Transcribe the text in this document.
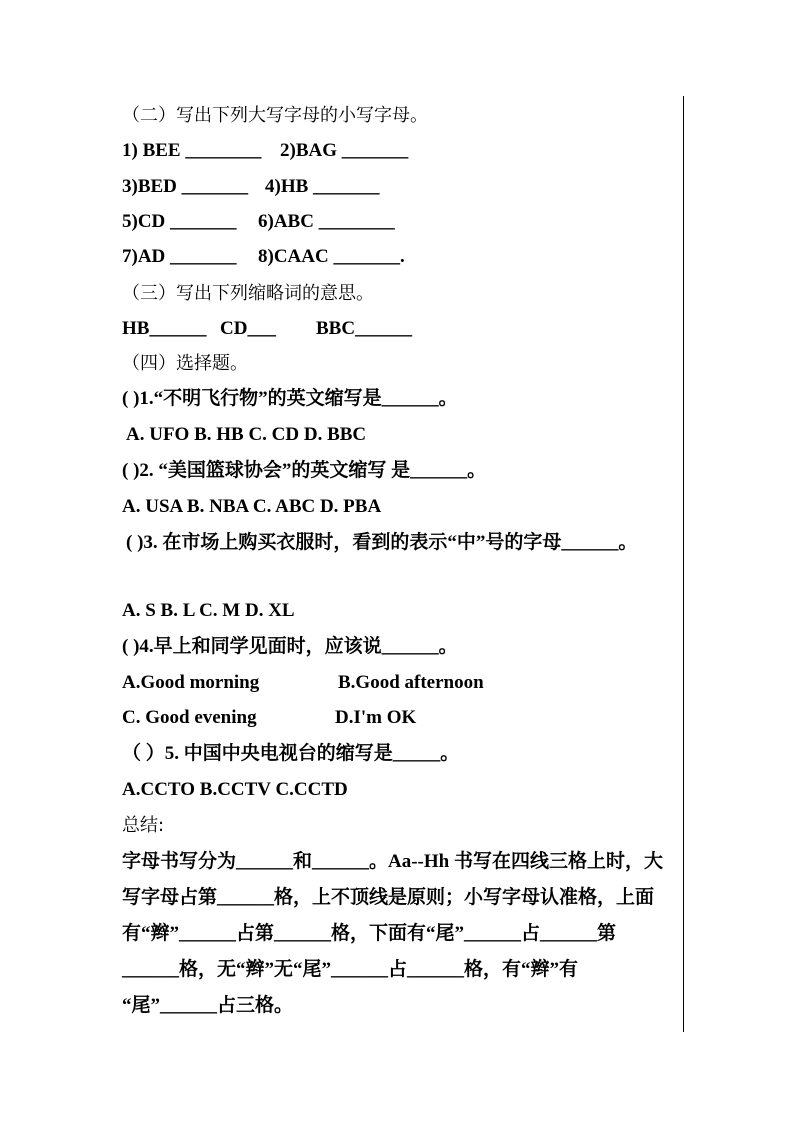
（二）写出下列大写字母的小写字母。
1) BEE ________ 2)BAG _______
3)BED _______ 4)HB _______
5)CD _______ 6)ABC ________
7)AD _______ 8)CAAC _______.
（三）写出下列缩略词的意思。
HB______ CD___ BBC______
（四）选择题。
( )1.“不明飞行物”的英文缩写是______。
A. UFO B. HB C. CD D. BBC
( )2. “美国篮球协会”的英文缩写 是______。
A. USA B. NBA C. ABC D. PBA
( )3. 在市场上购买衣服时，看到的表示“中”号的字母______。
A. S B. L C. M D. XL
( )4.早上和同学见面时，应该说______。
A.Good morning	B.Good afternoon
C. Good evening	D.I'm OK
（ ）5. 中国中央电视台的缩写是_____。
A.CCTO B.CCTV C.CCTD
总结:
字母书写分为______和______。Aa--Hh 书写在四线三格上时，大
写字母占第______格，上不顶线是原则；小写字母认准格，上面
有“辫”______占第______格，下面有“尾”______占______第
______格，无“辫”无“尾”______占______格，有“辫”有
“尾”______占三格。
